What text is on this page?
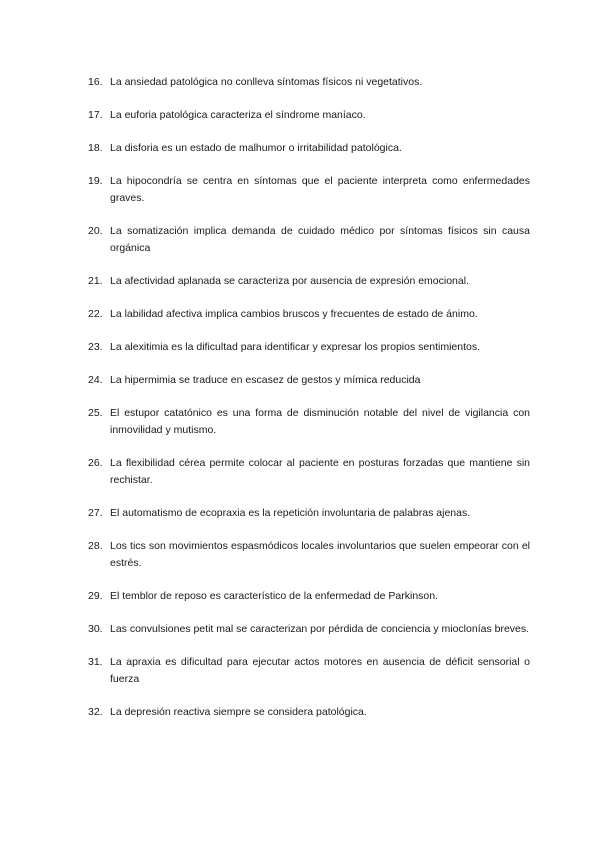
16. La ansiedad patológica no conlleva síntomas físicos ni vegetativos.
17. La euforia patológica caracteriza el síndrome maníaco.
18. La disforia es un estado de malhumor o irritabilidad patológica.
19. La hipocondría se centra en síntomas que el paciente interpreta como enfermedades graves.
20. La somatización implica demanda de cuidado médico por síntomas físicos sin causa orgánica
21. La afectividad aplanada se caracteriza por ausencia de expresión emocional.
22. La labilidad afectiva implica cambios bruscos y frecuentes de estado de ánimo.
23. La alexitimia es la dificultad para identificar y expresar los propios sentimientos.
24. La hipermimia se traduce en escasez de gestos y mímica reducida
25. El estupor catatónico es una forma de disminución notable del nivel de vigilancia con inmovilidad y mutismo.
26. La flexibilidad cérea permite colocar al paciente en posturas forzadas que mantiene sin rechistar.
27. El automatismo de ecopraxia es la repetición involuntaria de palabras ajenas.
28. Los tics son movimientos espasmódicos locales involuntarios que suelen empeorar con el estrés.
29. El temblor de reposo es característico de la enfermedad de Parkinson.
30. Las convulsiones petit mal se caracterizan por pérdida de conciencia y mioclonías breves.
31. La apraxia es dificultad para ejecutar actos motores en ausencia de déficit sensorial o fuerza
32. La depresión reactiva siempre se considera patológica.
